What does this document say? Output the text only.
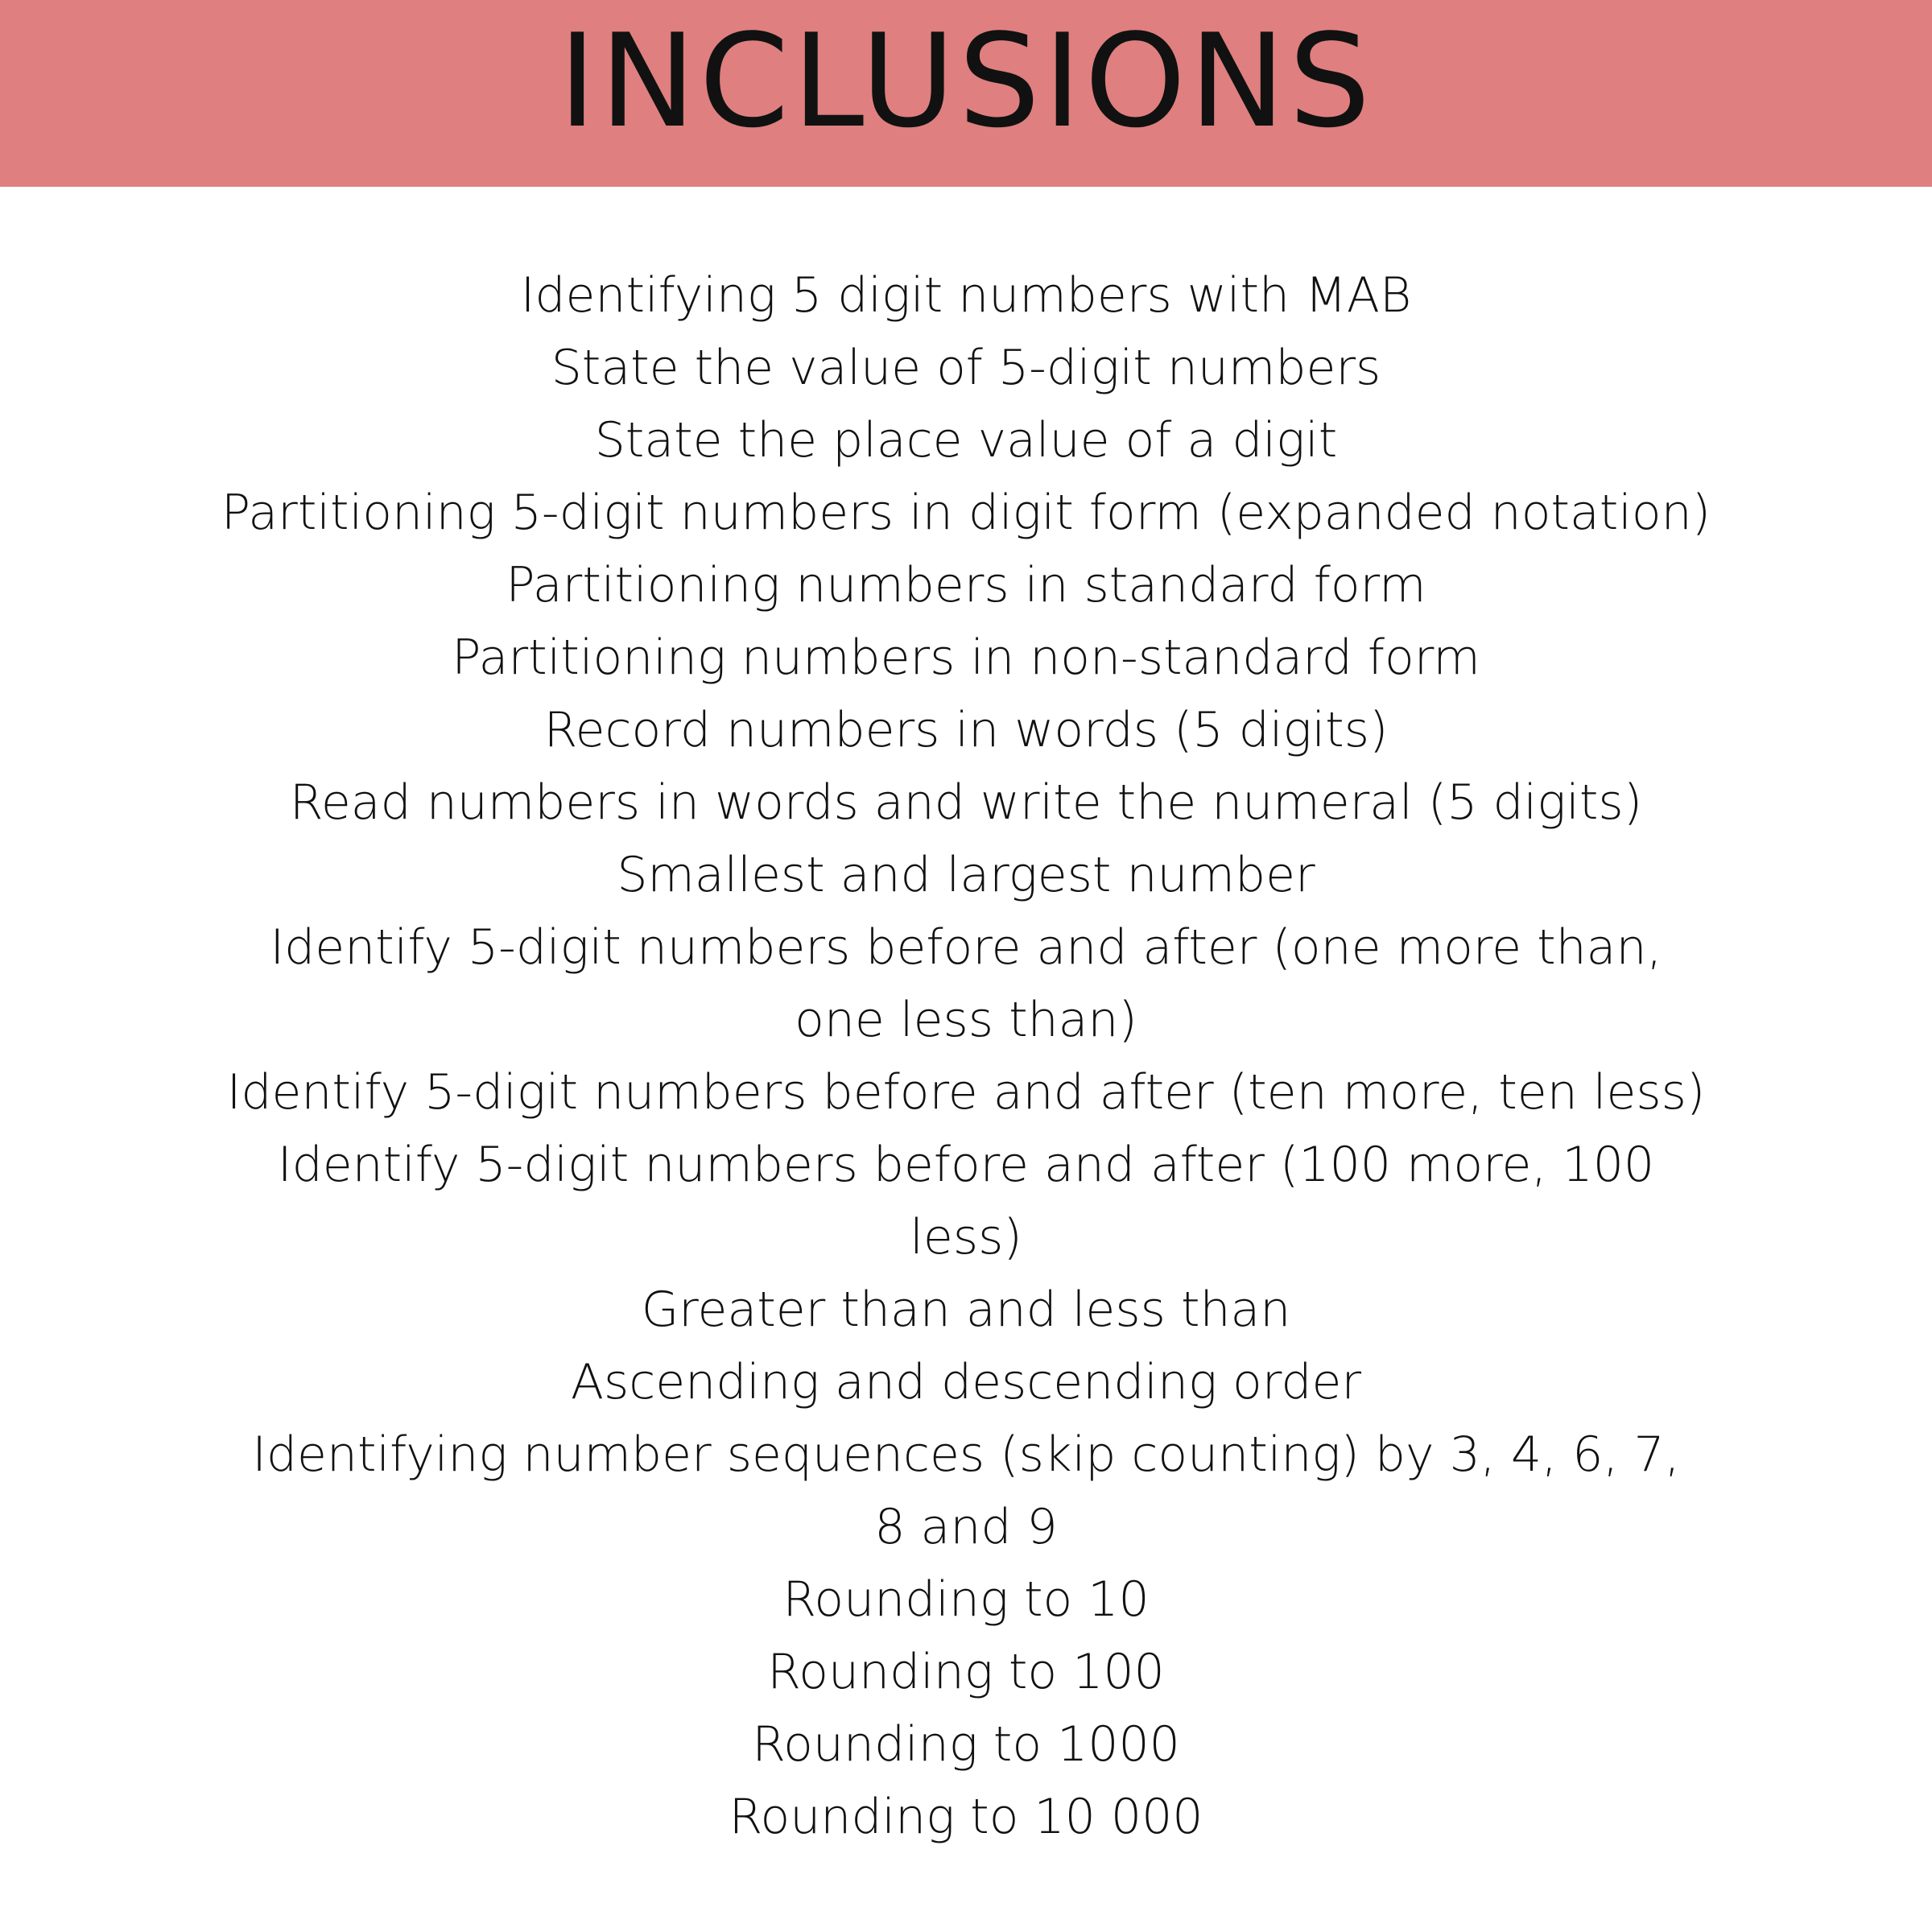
INCLUSIONS
Identifying 5 digit numbers with MAB
State the value of 5-digit numbers
State the place value of a digit
Partitioning 5-digit numbers in digit form (expanded notation)
Partitioning numbers in standard form
Partitioning numbers in non-standard form
Record numbers in words (5 digits)
Read numbers in words and write the numeral (5 digits)
Smallest and largest number
Identify 5-digit numbers before and after (one more than, one less than)
Identify 5-digit numbers before and after (ten more, ten less)
Identify 5-digit numbers before and after (100 more, 100 less)
Greater than and less than
Ascending and descending order
Identifying number sequences (skip counting) by 3, 4, 6, 7, 8 and 9
Rounding to 10
Rounding to 100
Rounding to 1000
Rounding to 10 000
